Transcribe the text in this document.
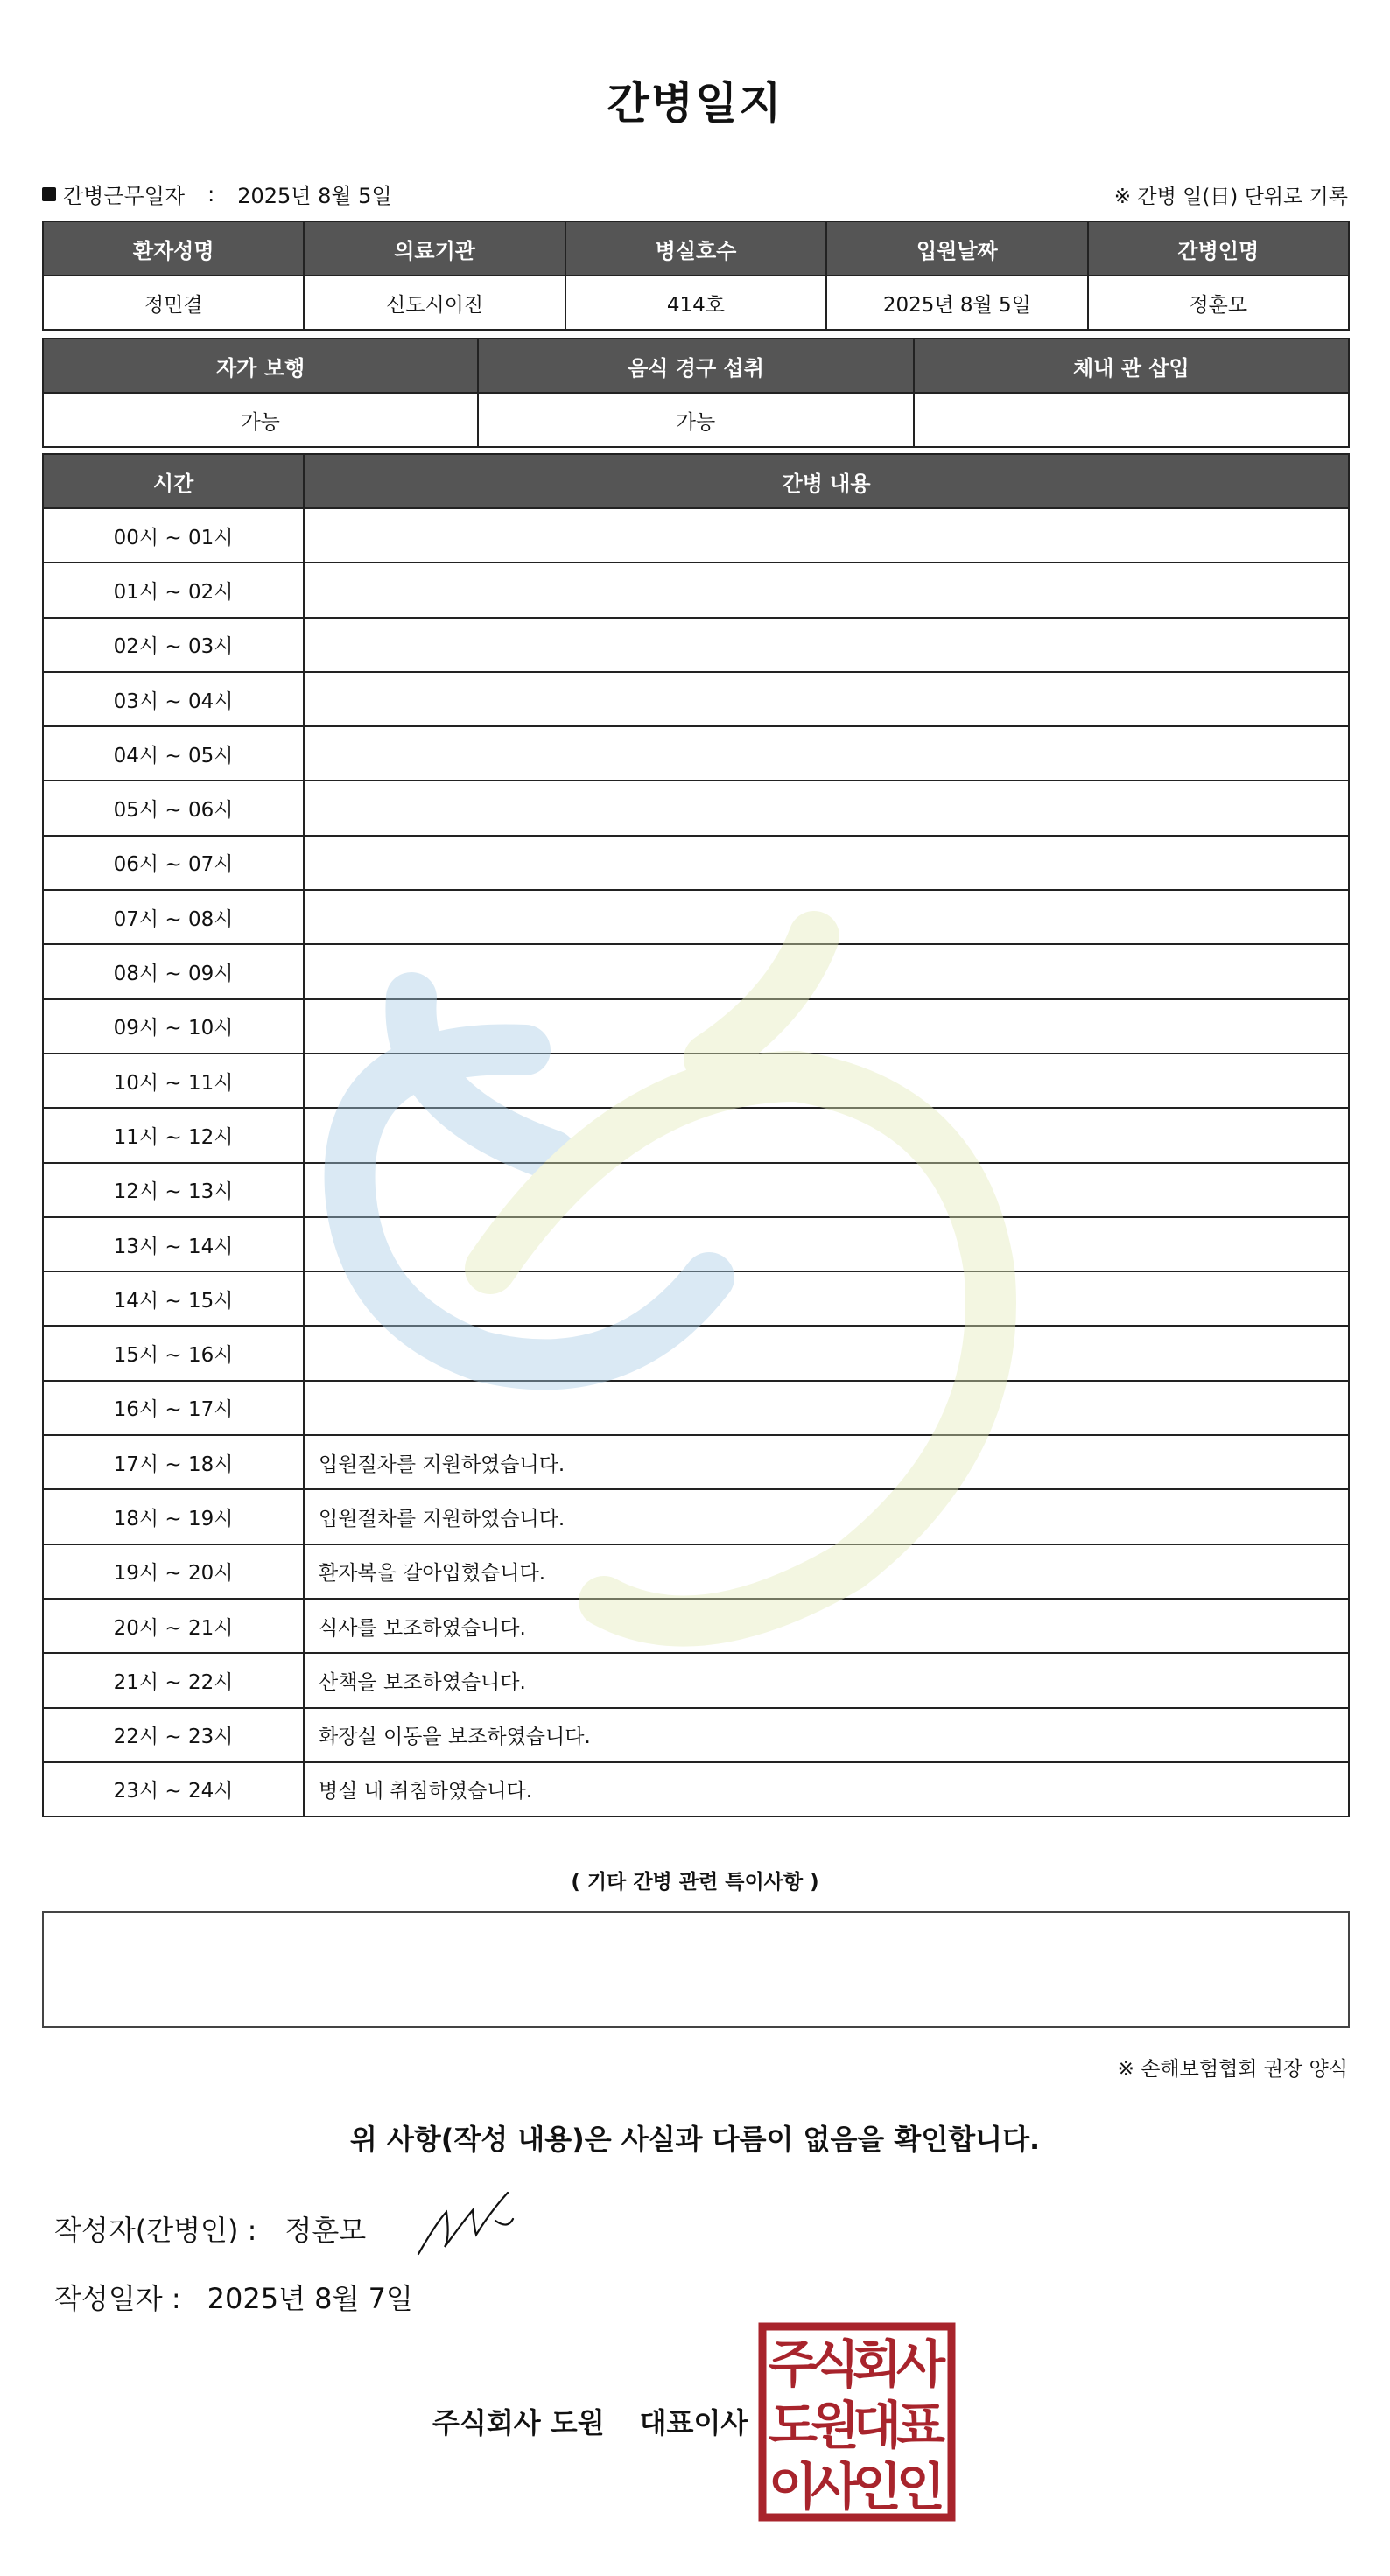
간병일지
간병근무일자 : 2025년 8월 5일	※ 간병 일(日) 단위로 기록
환자성명	의료기관	병실호수	입원날짜	간병인명
정민결	신도시이진	414호	2025년 8월 5일	정훈모
자가 보행	음식 경구 섭취	체내 관 삽입
가능	가능	
시간	간병 내용
00시 ~ 01시	
01시 ~ 02시	
02시 ~ 03시	
03시 ~ 04시	
04시 ~ 05시	
05시 ~ 06시	
06시 ~ 07시	
07시 ~ 08시	
08시 ~ 09시	
09시 ~ 10시	
10시 ~ 11시	
11시 ~ 12시	
12시 ~ 13시	
13시 ~ 14시	
14시 ~ 15시	
15시 ~ 16시	
16시 ~ 17시	
17시 ~ 18시	입원절차를 지원하였습니다.
18시 ~ 19시	입원절차를 지원하였습니다.
19시 ~ 20시	환자복을 갈아입혔습니다.
20시 ~ 21시	식사를 보조하였습니다.
21시 ~ 22시	산책을 보조하였습니다.
22시 ~ 23시	화장실 이동을 보조하였습니다.
23시 ~ 24시	병실 내 취침하였습니다.
( 기타 간병 관련 특이사항 )
※ 손해보험협회 권장 양식
위 사항(작성 내용)은 사실과 다름이 없음을 확인합니다.
작성자(간병인) : 정훈모
작성일자 : 2025년 8월 7일
주식회사 도원 대표이사
주
식
회
사
도
원
대
표
이
사
인
인
